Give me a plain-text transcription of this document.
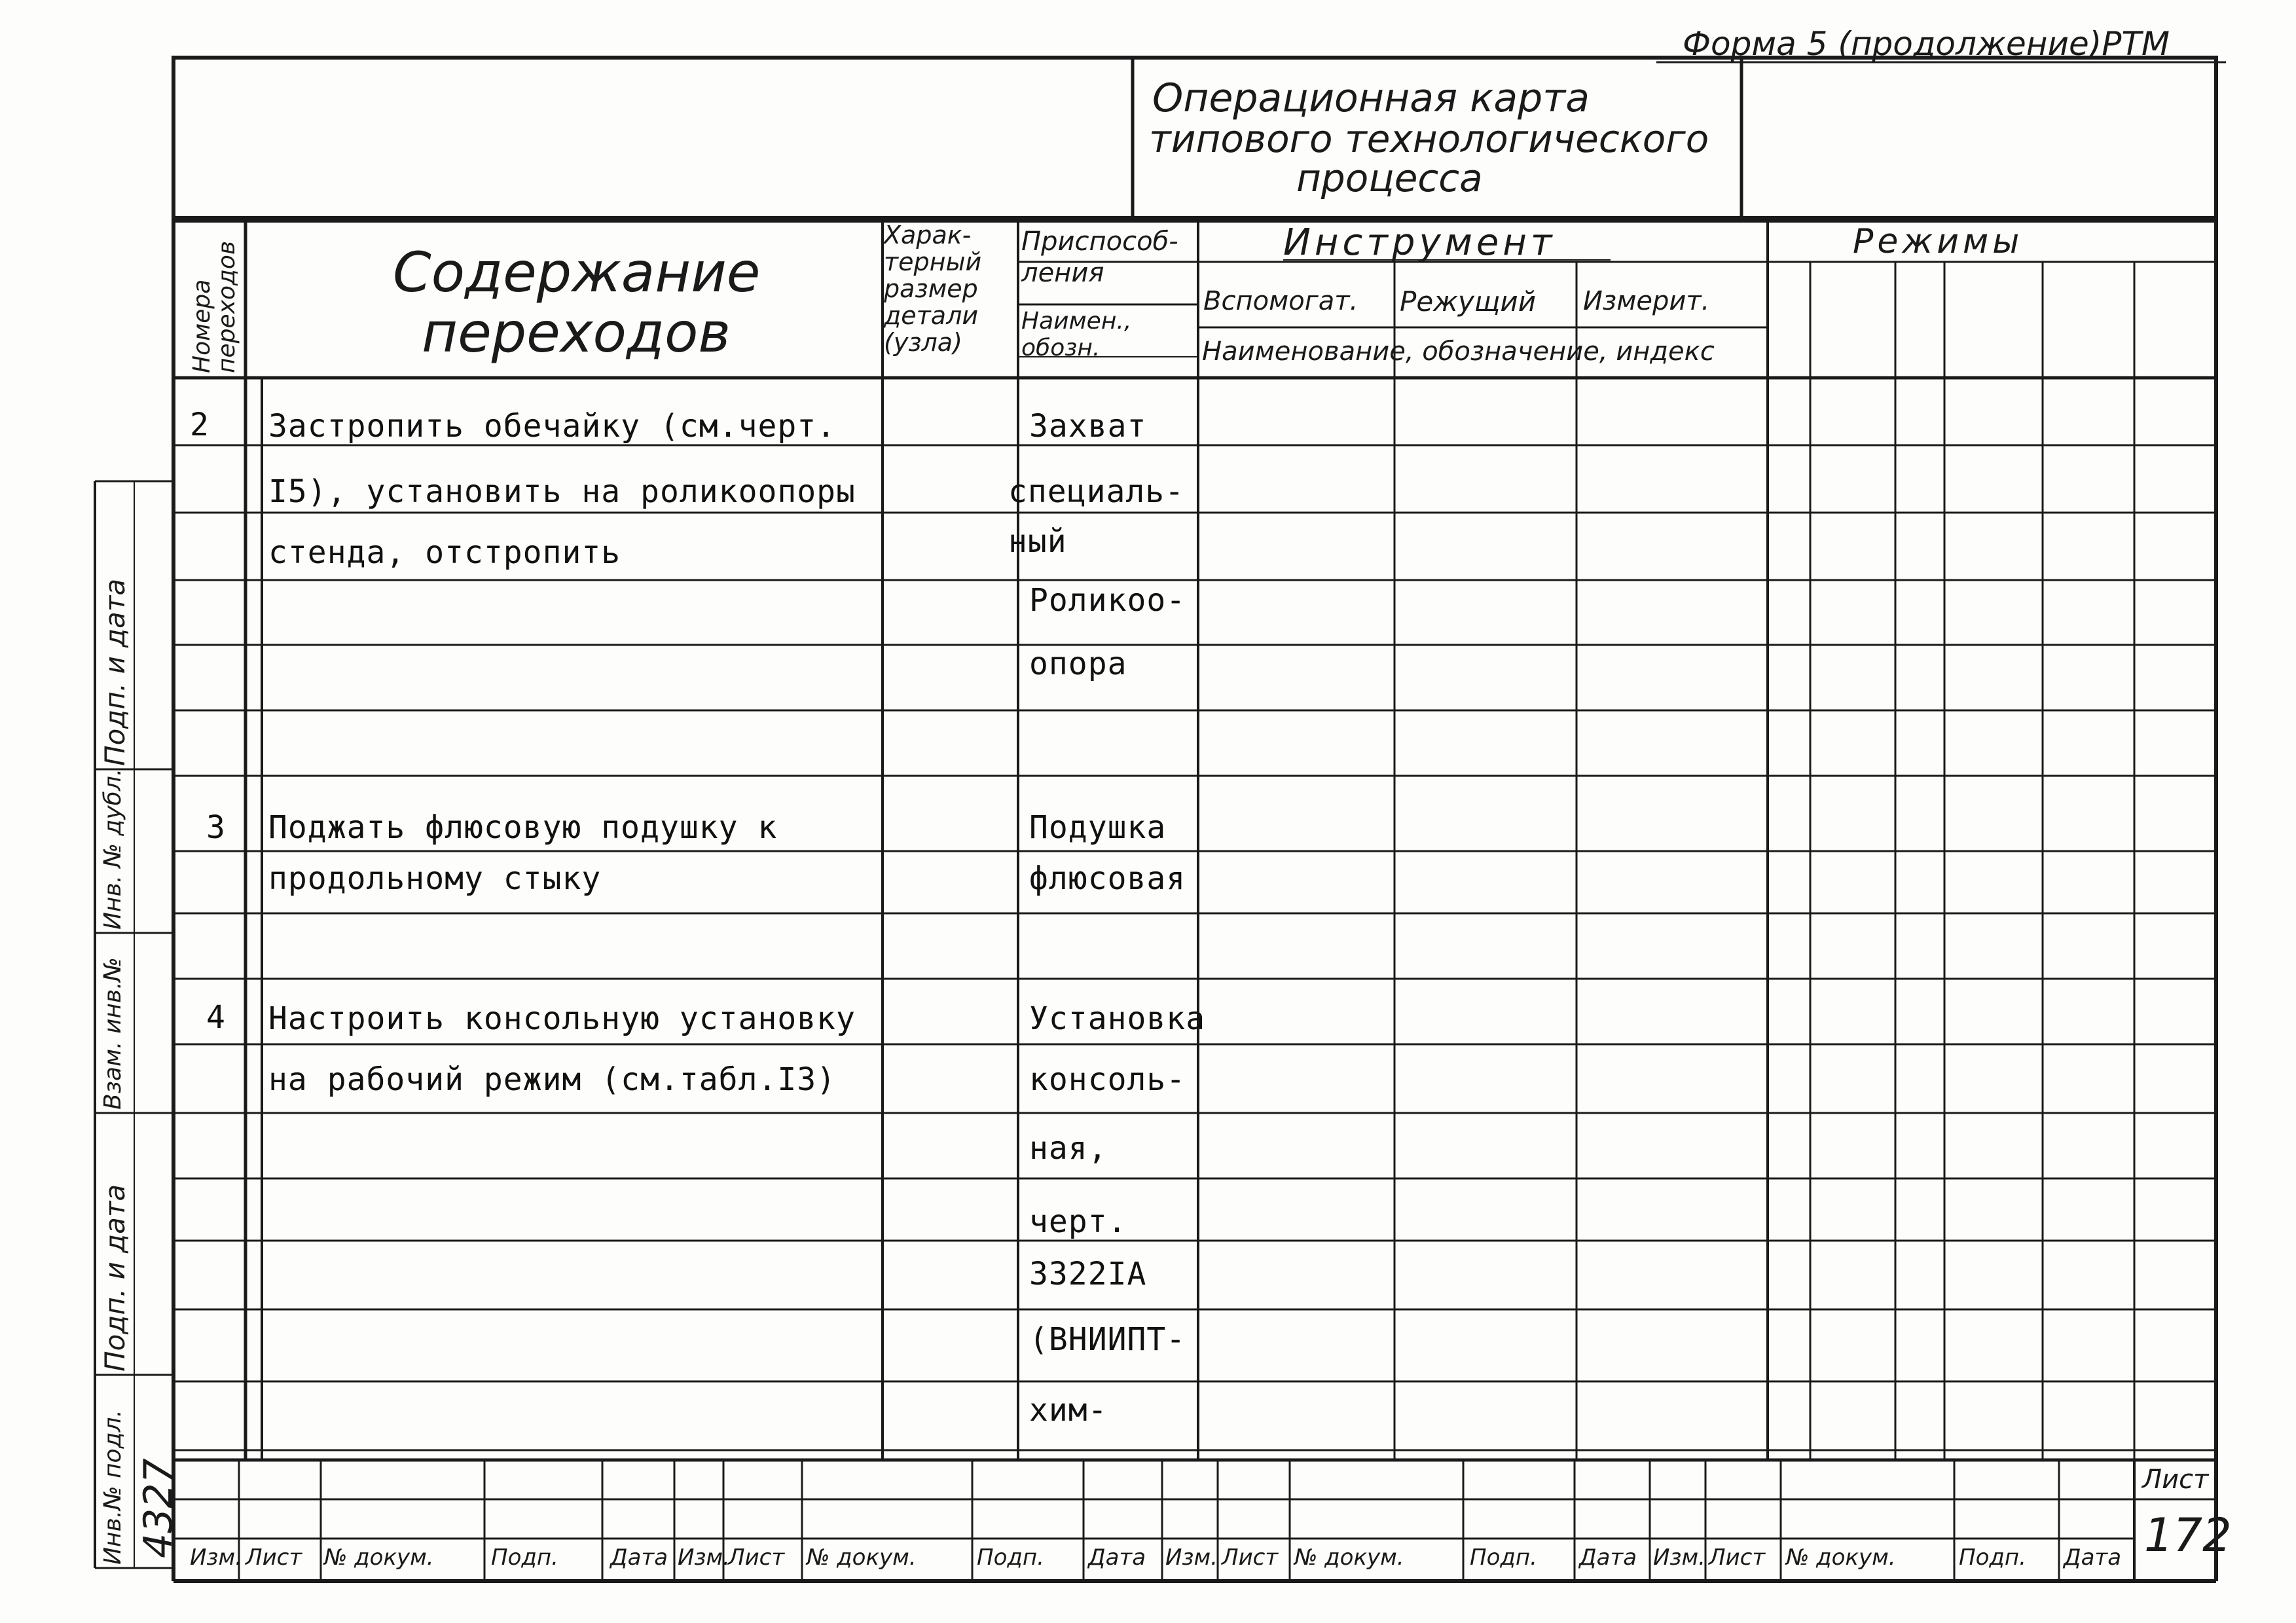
Форма 5 (продолжение)РТМ
Операционная карта
типового технологического
процесса
Номера переходов	Содержание переходов
Харак-
терный
размер
детали
(узла)
Приспособ- ления
Наимен., обозн.
Инструмент
Вспомогат. Режущий Измерит.
Наименование, обозначение, индекс
Режимы
2 Застропить обечайку (см.черт.	Захват
I5), установить на роликоопоры	специаль-
стенда, отстропить	ный
Роликоо-
опора
3 Поджать флюсовую подушку к	Подушка
продольному стыку	флюсовая
4 Настроить консольную установку	Установка
на рабочий режим (см.табл.I3)	консоль-
ная,
черт.
3322IA
(ВНИИПТ-
хим-
Подп. и дата
Инв. № дубл.
Взам. инв.№
Подп. и дата
Инв.№ подл. 4327 Изм. Лист № докум.	Подп. Дата Изм.
Лист № докум.	Подп. Дата Изм. Лист № докум.	Подп. Дата Изм. Лист № докум.	Подп. Дата
Лист
172
